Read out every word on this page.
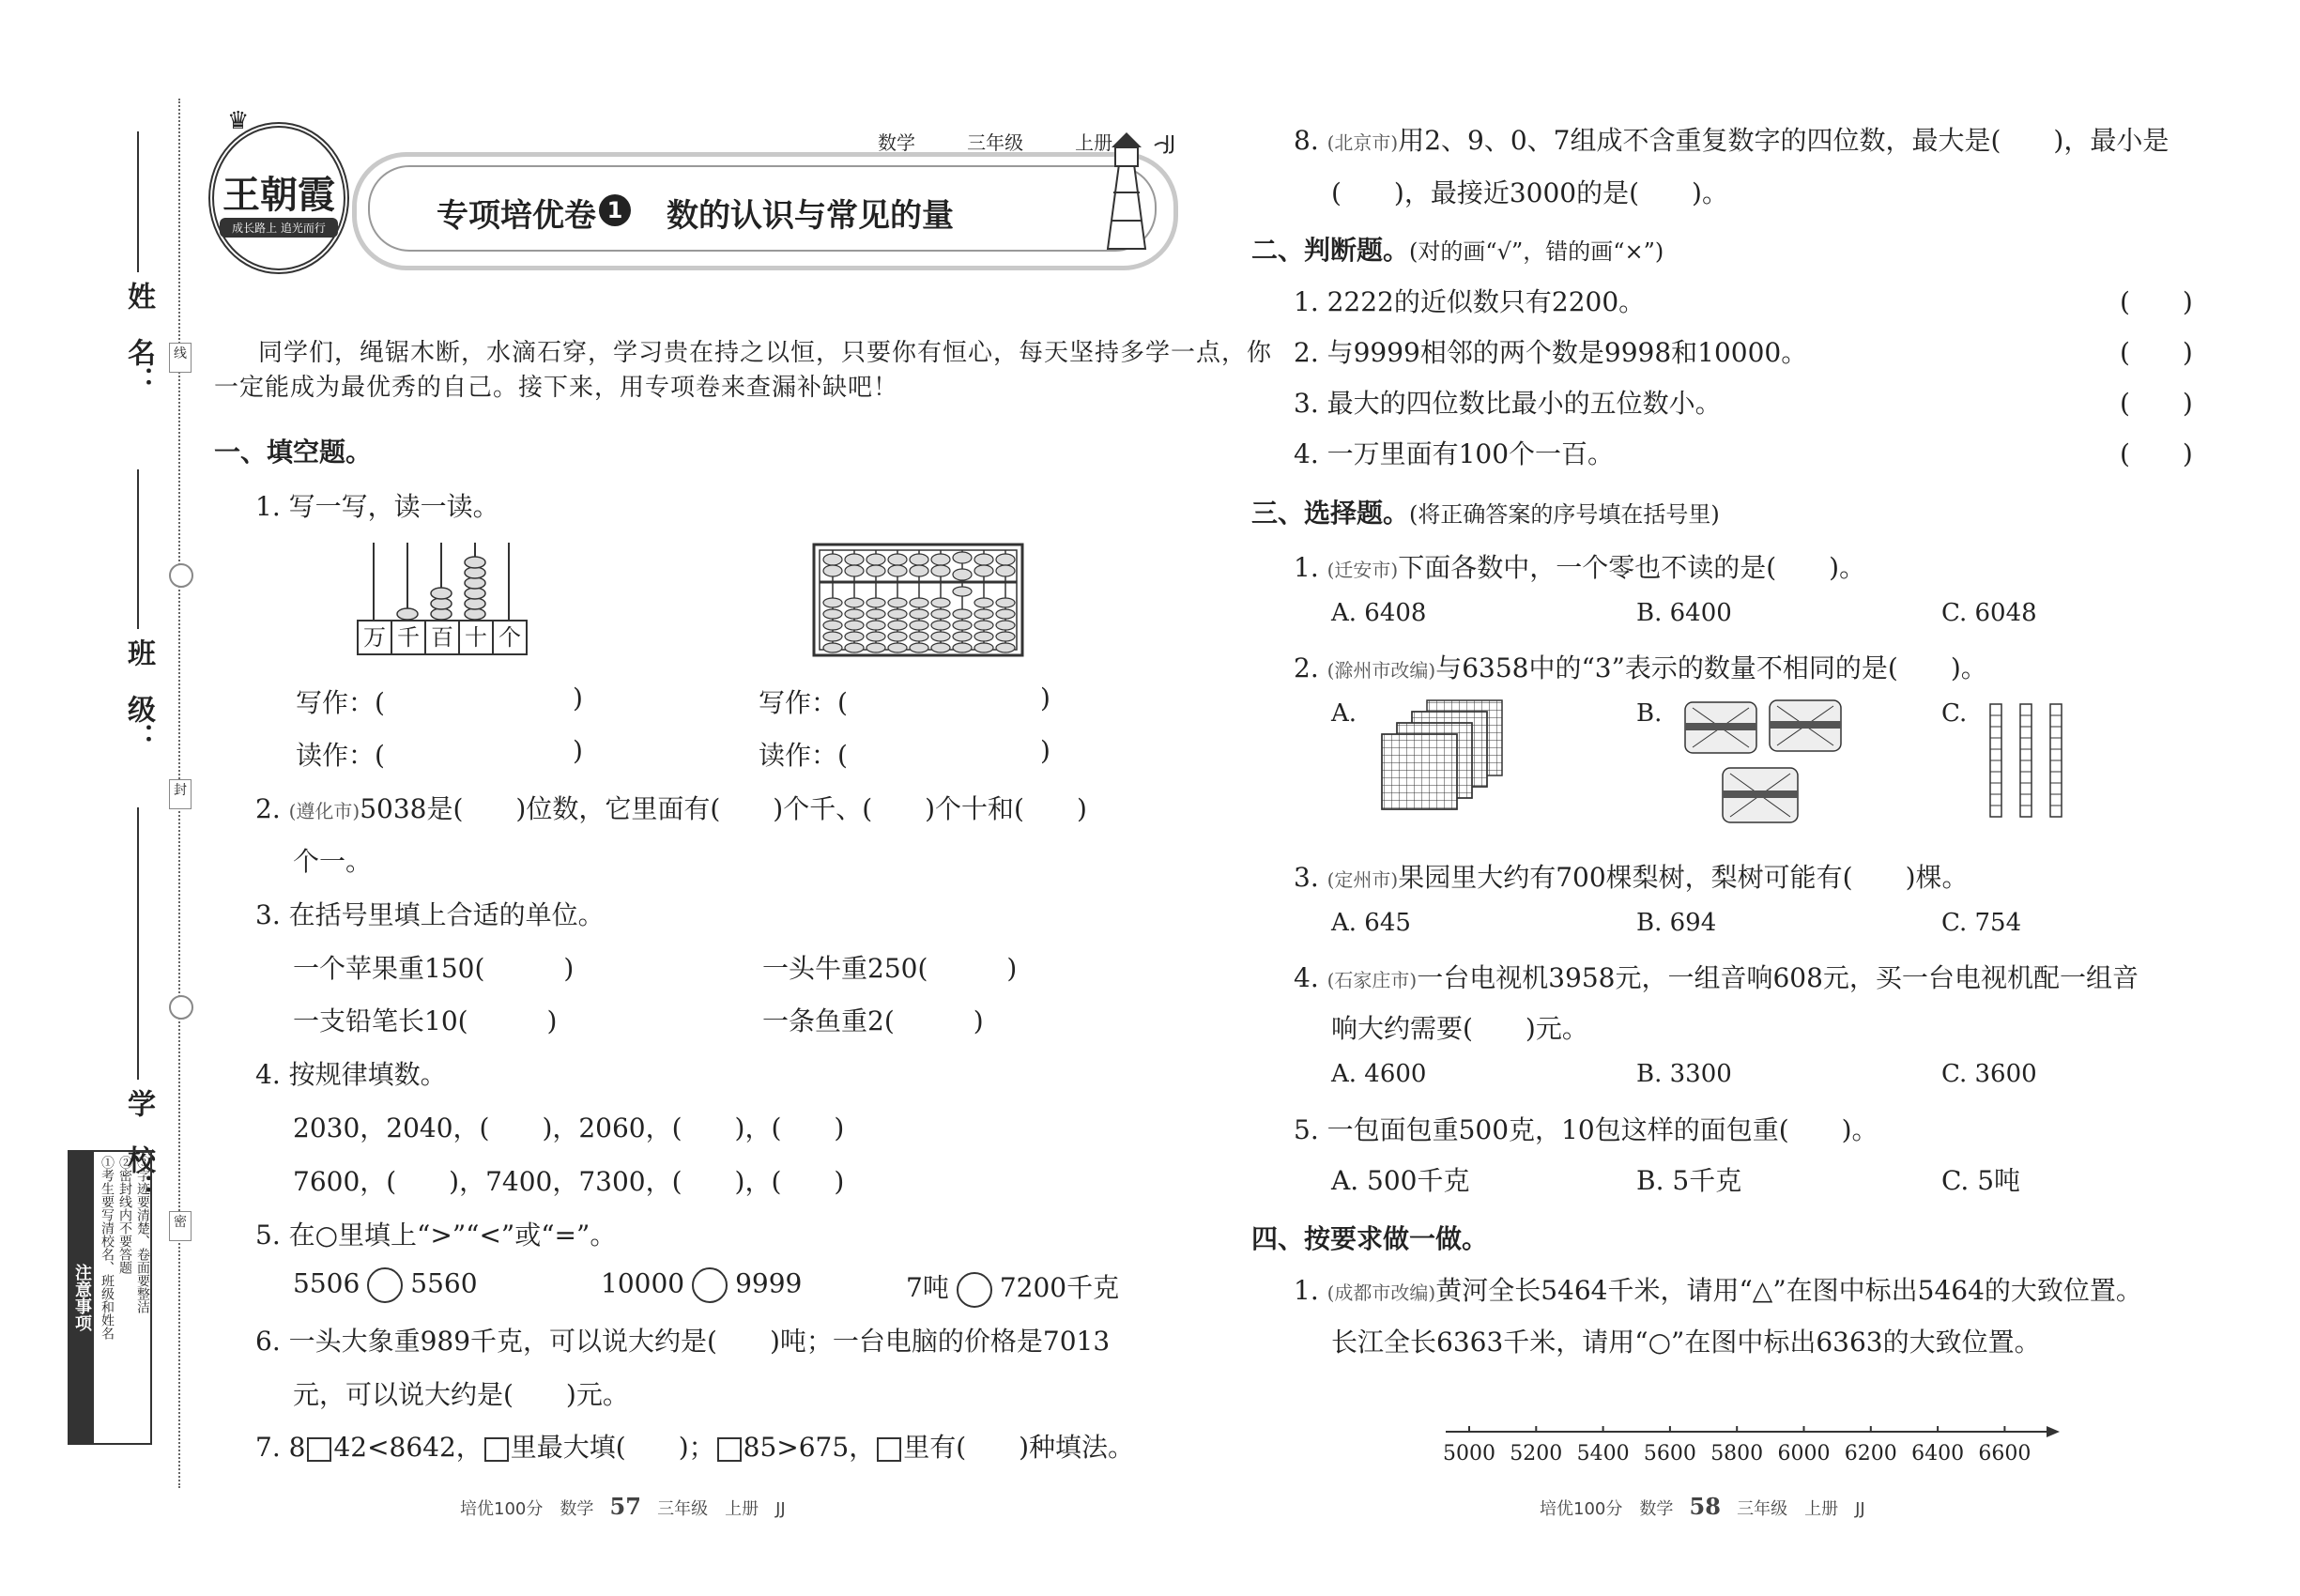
姓　名：
班　级：
学　校：
线
封
密
注意事项 ①考生要写清校名、班级和姓名 ②密封线内不要答题 ③字迹要清楚、卷面要整洁
♛
王朝霞
成长路上 追光而行
数学	三年级	上册	JJ
专项培优卷 1 数的认识与常见的量
同学们，绳锯木断，水滴石穿，学习贵在持之以恒，只要你有恒心，每天坚持多学一点，你
一定能成为最优秀的自己。接下来，用专项卷来查漏补缺吧！
一、填空题。
1. 写一写，读一读。
万 千 百 十 个
写作：(	)	写作：(	)
读作：(	)	读作：(	)
2. (遵化市)5038是(　　)位数，它里面有(　　)个千、(　　)个十和(　　)
个一。
3. 在括号里填上合适的单位。
一个苹果重150(　　　)	一头牛重250(　　　)
一支铅笔长10(　　　)	一条鱼重2(　　　)
4. 按规律填数。
2030，2040，(　　)，2060，(　　)，(　　)
7600，(　　)，7400，7300，(　　)，(　　)
5. 在○里填上“>”“<”或“=”。
5506 5560	10000 9999	7吨 7200千克
6. 一头大象重989千克，可以说大约是(　　)吨；一台电脑的价格是7013
元，可以说大约是(　　)元。
7. 8 42<8642， 里最大填(　　)； 85>675， 里有(　　)种填法。
8. (北京市)用2、9、0、7组成不含重复数字的四位数，最大是(　　)，最小是
(　　)，最接近3000的是(　　)。
二、判断题。(对的画“√”，错的画“×”)
1. 2222的近似数只有2200。	(　　)
2. 与9999相邻的两个数是9998和10000。	(　　)
3. 最大的四位数比最小的五位数小。	(　　)
4. 一万里面有100个一百。	(　　)
三、选择题。(将正确答案的序号填在括号里)
1. (迁安市)下面各数中，一个零也不读的是(　　)。
A. 6408	B. 6400	C. 6048
2. (滁州市改编)与6358中的“3”表示的数量不相同的是(　　)。
A.	B.	C.
3. (定州市)果园里大约有700棵梨树，梨树可能有(　　)棵。
A. 645	B. 694	C. 754
4. (石家庄市)一台电视机3958元，一组音响608元，买一台电视机配一组音
响大约需要(　　)元。
A. 4600	B. 3300	C. 3600
5. 一包面包重500克，10包这样的面包重(　　)。
A. 500千克	B. 5千克	C. 5吨
四、按要求做一做。
1. (成都市改编)黄河全长5464千米，请用“△”在图中标出5464的大致位置。
长江全长6363千米，请用“○”在图中标出6363的大致位置。
5000 5200 5400 5600 5800 6000 6200 6400 6600
培优100分　数学 57 三年级　上册　JJ	培优100分　数学 58 三年级　上册　JJ
